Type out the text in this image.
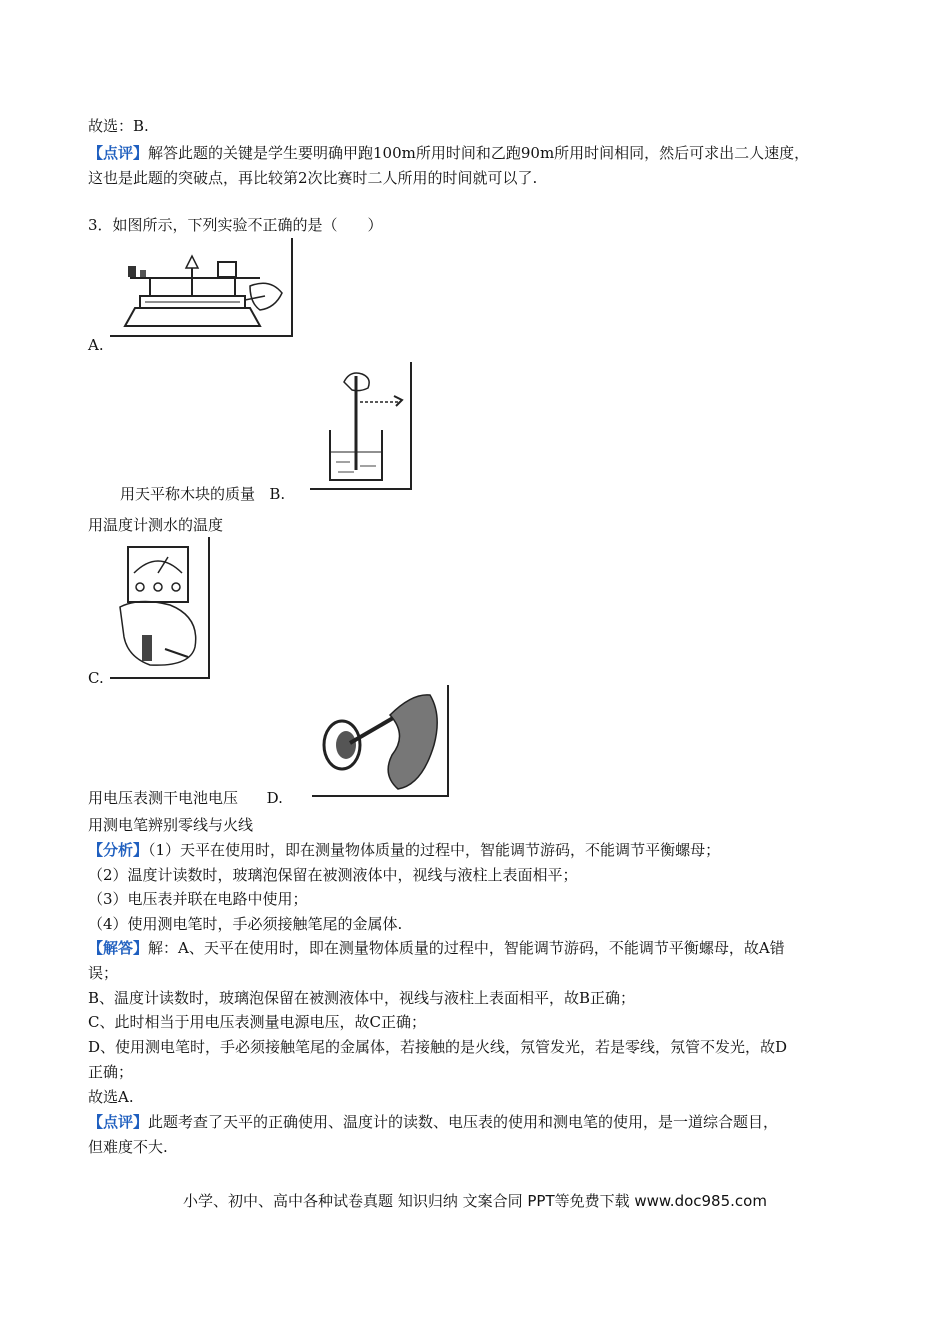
故选：B.
【点评】解答此题的关键是学生要明确甲跑100m所用时间和乙跑90m所用时间相同，然后可求出二人速度，
这也是此题的突破点，再比较第2次比赛时二人所用的时间就可以了.
3．如图所示，下列实验不正确的是（　　）
A.
用天平称木块的质量 B.
用温度计测水的温度
C.
用电压表测干电池电压 D.
用测电笔辨别零线与火线
【分析】（1）天平在使用时，即在测量物体质量的过程中，智能调节游码，不能调节平衡螺母；
（2）温度计读数时，玻璃泡保留在被测液体中，视线与液柱上表面相平；
（3）电压表并联在电路中使用；
（4）使用测电笔时，手必须接触笔尾的金属体.
【解答】解：A、天平在使用时，即在测量物体质量的过程中，智能调节游码，不能调节平衡螺母，故A错
误；
B、温度计读数时，玻璃泡保留在被测液体中，视线与液柱上表面相平，故B正确；
C、此时相当于用电压表测量电源电压，故C正确；
D、使用测电笔时，手必须接触笔尾的金属体，若接触的是火线，氖管发光，若是零线，氖管不发光，故D
正确；
故选A.
【点评】此题考查了天平的正确使用、温度计的读数、电压表的使用和测电笔的使用，是一道综合题目，
但难度不大.
小学、初中、高中各种试卷真题 知识归纳 文案合同 PPT等免费下载 www.doc985.com
